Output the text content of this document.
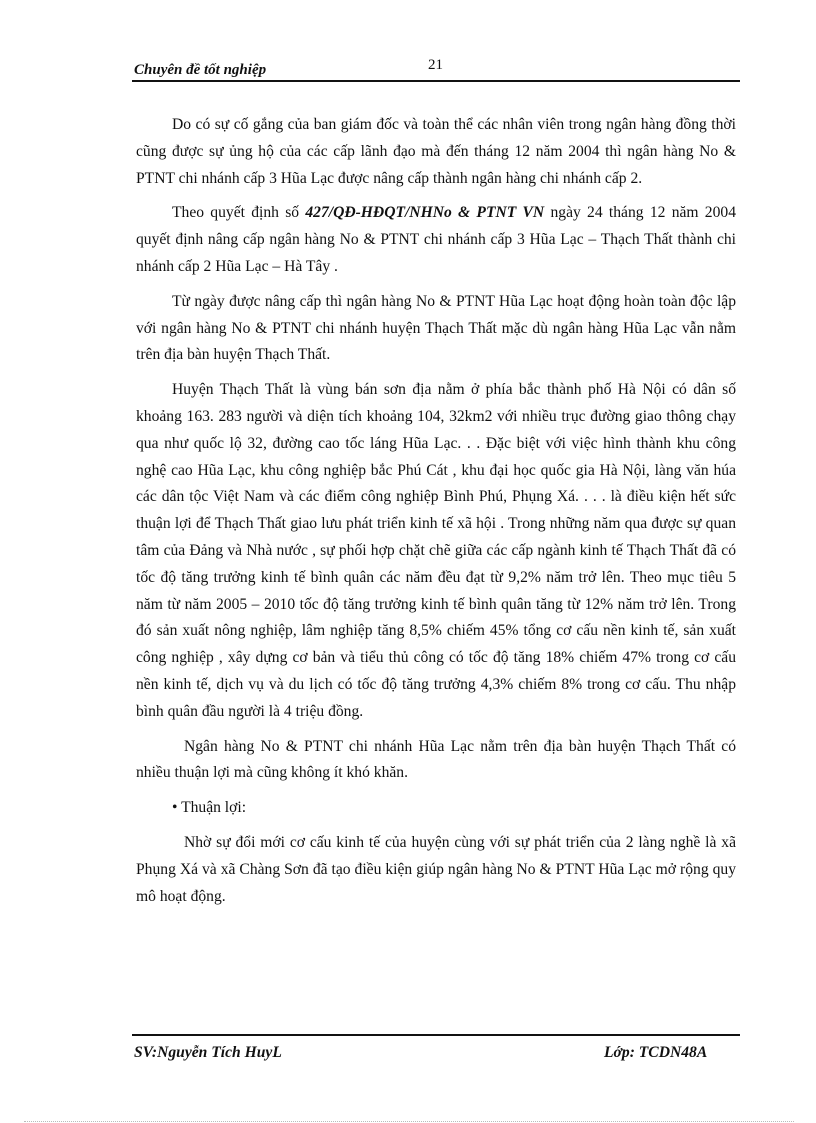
Chuyên đề tốt nghiệp	21

Do có sự cố gắng của ban giám đốc và toàn thể các nhân viên trong ngân hàng đồng thời cũng được sự ủng hộ của các cấp lãnh đạo mà đến tháng 12 năm 2004 thì ngân hàng No & PTNT chi nhánh cấp 3 Hũa Lạc được nâng cấp thành ngân hàng chi nhánh cấp 2.

Theo quyết định số 427/QĐ-HĐQT/NHNo & PTNT VN ngày 24 tháng 12 năm 2004 quyết định nâng cấp ngân hàng No & PTNT chi nhánh cấp 3 Hũa Lạc – Thạch Thất thành chi nhánh cấp 2 Hũa Lạc – Hà Tây .

Từ ngày được nâng cấp thì ngân hàng No & PTNT Hũa Lạc hoạt động hoàn toàn độc lập với ngân hàng No & PTNT chi nhánh huyện Thạch Thất mặc dù ngân hàng Hũa Lạc vẫn nằm trên địa bàn huyện Thạch Thất.

Huyện Thạch Thất là vùng bán sơn địa nằm ở phía bắc thành phố Hà Nội có dân số khoảng 163. 283 người và diện tích khoảng 104, 32km2 với nhiều trục đường giao thông chạy qua như quốc lộ 32, đường cao tốc láng Hũa Lạc. . . Đặc biệt với việc hình thành khu công nghệ cao Hũa Lạc, khu công nghiệp bắc Phú Cát , khu đại học quốc gia Hà Nội, làng văn húa các dân tộc Việt Nam và các điểm công nghiệp Bình Phú, Phụng Xá. . . . là điều kiện hết sức thuận lợi để Thạch Thất giao lưu phát triển kinh tế xã hội . Trong những năm qua được sự quan tâm của Đảng và Nhà nước , sự phối hợp chặt chẽ giữa các cấp ngành kinh tế Thạch Thất đã có tốc độ tăng trưởng kinh tế bình quân các năm đều đạt từ 9,2% năm trở lên. Theo mục tiêu 5 năm từ năm 2005 – 2010 tốc độ tăng trưởng kinh tế bình quân tăng từ 12% năm trở lên. Trong đó sản xuất nông nghiệp, lâm nghiệp tăng 8,5% chiếm 45% tổng cơ cấu nền kinh tế, sản xuất công nghiệp , xây dựng cơ bản và tiểu thủ công có tốc độ tăng 18% chiếm 47% trong cơ cấu nền kinh tế, dịch vụ và du lịch có tốc độ tăng trưởng 4,3% chiếm 8% trong cơ cấu. Thu nhập bình quân đầu người là 4 triệu đồng.

Ngân hàng No & PTNT chi nhánh Hũa Lạc nằm trên địa bàn huyện Thạch Thất có nhiều thuận lợi mà cũng không ít khó khăn.

• Thuận lợi:

Nhờ sự đổi mới cơ cấu kinh tế của huyện cùng với sự phát triển của 2 làng nghề là xã Phụng Xá và xã Chàng Sơn đã tạo điều kiện giúp ngân hàng No & PTNT Hũa Lạc mở rộng quy mô hoạt động.

SV:Nguyễn Tích HuyL	Lớp: TCDN48A
